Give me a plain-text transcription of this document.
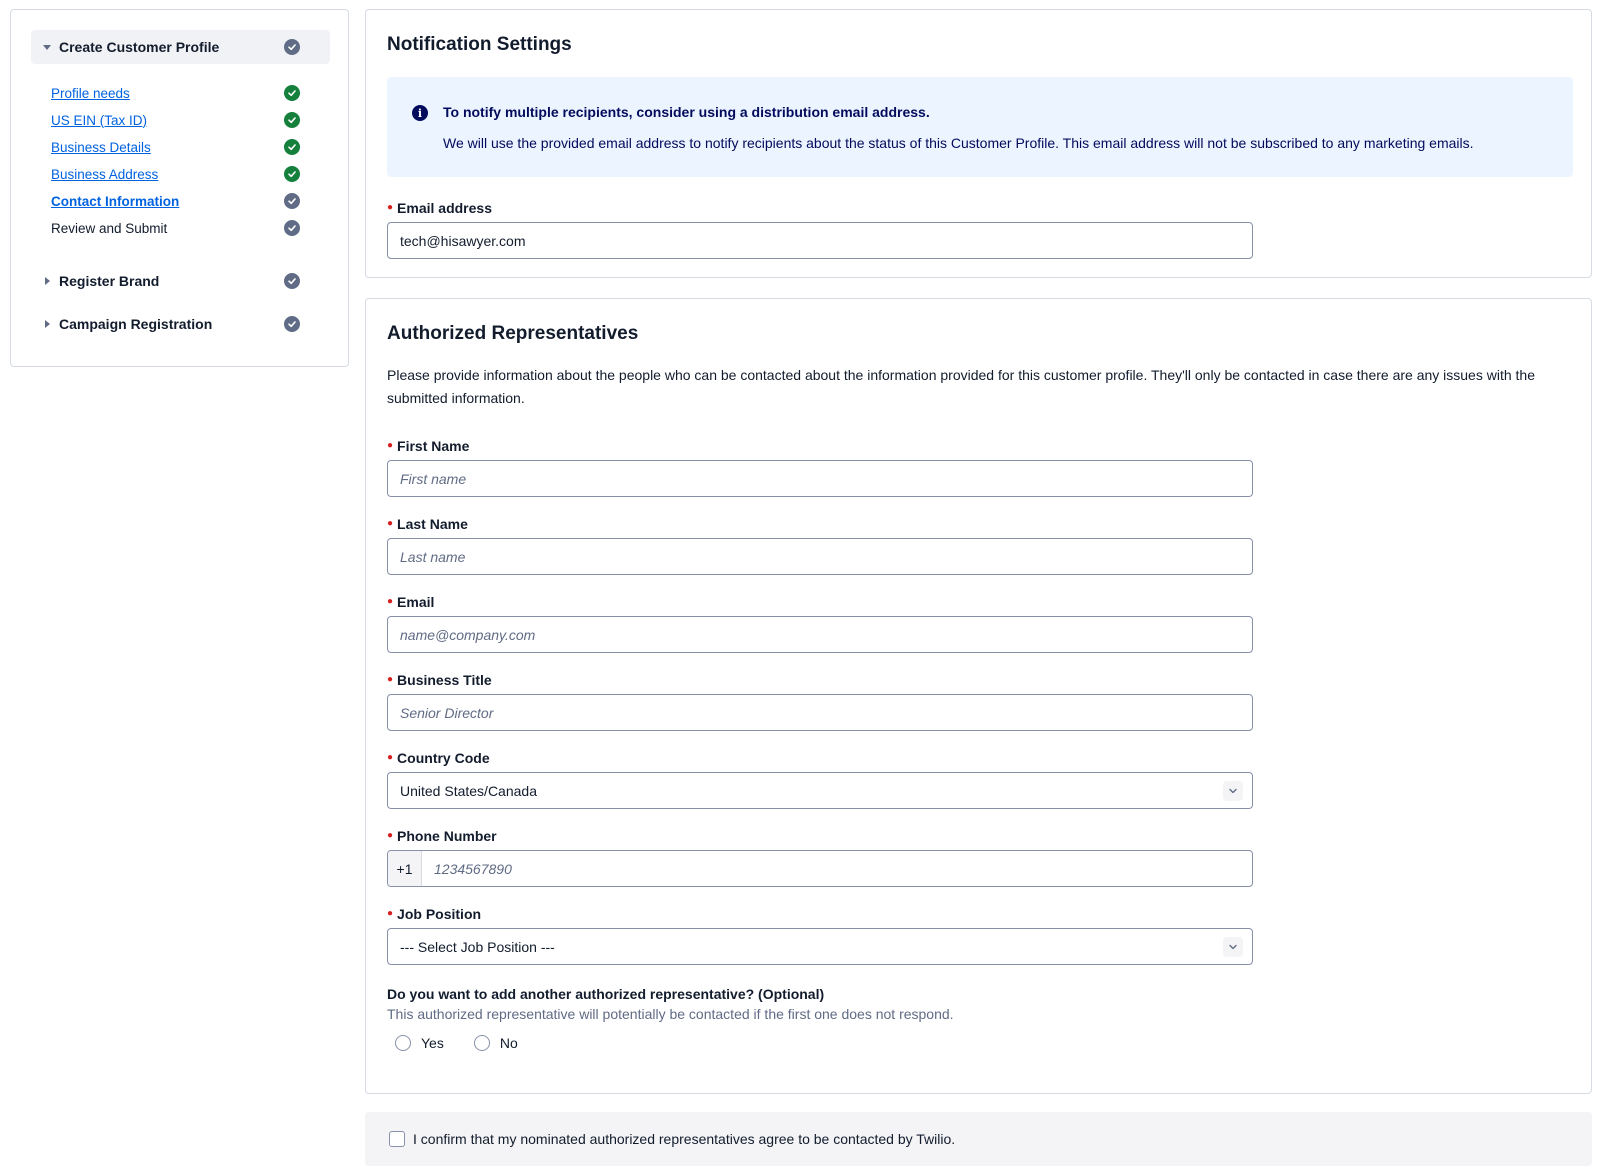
Create Customer Profile
Profile needs
US EIN (Tax ID)
Business Details
Business Address
Contact Information
Review and Submit
Register Brand
Campaign Registration
Notification Settings
i	To notify multiple recipients, consider using a distribution email address.
We will use the provided email address to notify recipients about the status of this Customer Profile. This email address will not be subscribed to any marketing emails.
● Email address
tech@hisawyer.com
Authorized Representatives
Please provide information about the people who can be contacted about the information provided for this customer profile. They'll only be contacted in case there are any issues with the submitted information.
● First Name
First name
● Last Name
Last name
● Email
name@company.com
● Business Title
Senior Director
● Country Code
United States/Canada
● Phone Number
+1	1234567890
● Job Position
--- Select Job Position ---
Do you want to add another authorized representative? (Optional)
This authorized representative will potentially be contacted if the first one does not respond.
Yes	No
I confirm that my nominated authorized representatives agree to be contacted by Twilio.
